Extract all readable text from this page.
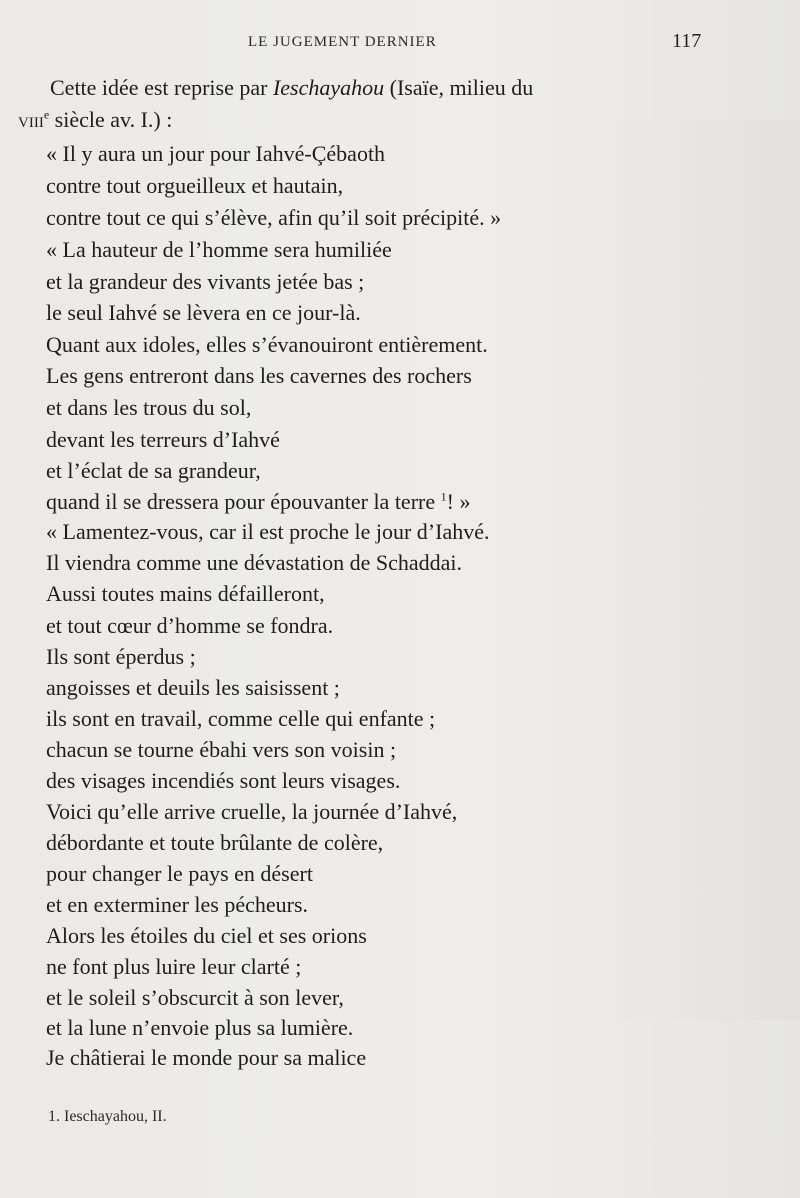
LE JUGEMENT DERNIER	117
Cette idée est reprise par Ieschayahou (Isaïe, milieu du
viii$^e$ siècle av. I.) :
« Il y aura un jour pour Iahvé-Çébaoth
contre tout orgueilleux et hautain,
contre tout ce qui s’élève, afin qu’il soit précipité. »
« La hauteur de l’homme sera humiliée
et la grandeur des vivants jetée bas ;
le seul Iahvé se lèvera en ce jour-là.
Quant aux idoles, elles s’évanouiront entièrement.
Les gens entreront dans les cavernes des rochers
et dans les trous du sol,
devant les terreurs d’Iahvé
et l’éclat de sa grandeur,
quand il se dressera pour épouvanter la terre $^1$! »
« Lamentez-vous, car il est proche le jour d’Iahvé.
Il viendra comme une dévastation de Schaddai.
Aussi toutes mains défailleront,
et tout cœur d’homme se fondra.
Ils sont éperdus ;
angoisses et deuils les saisissent ;
ils sont en travail, comme celle qui enfante ;
chacun se tourne ébahi vers son voisin ;
des visages incendiés sont leurs visages.
Voici qu’elle arrive cruelle, la journée d’Iahvé,
débordante et toute brûlante de colère,
pour changer le pays en désert
et en exterminer les pécheurs.
Alors les étoiles du ciel et ses orions
ne font plus luire leur clarté ;
et le soleil s’obscurcit à son lever,
et la lune n’envoie plus sa lumière.
Je châtierai le monde pour sa malice
1. Ieschayahou, II.
